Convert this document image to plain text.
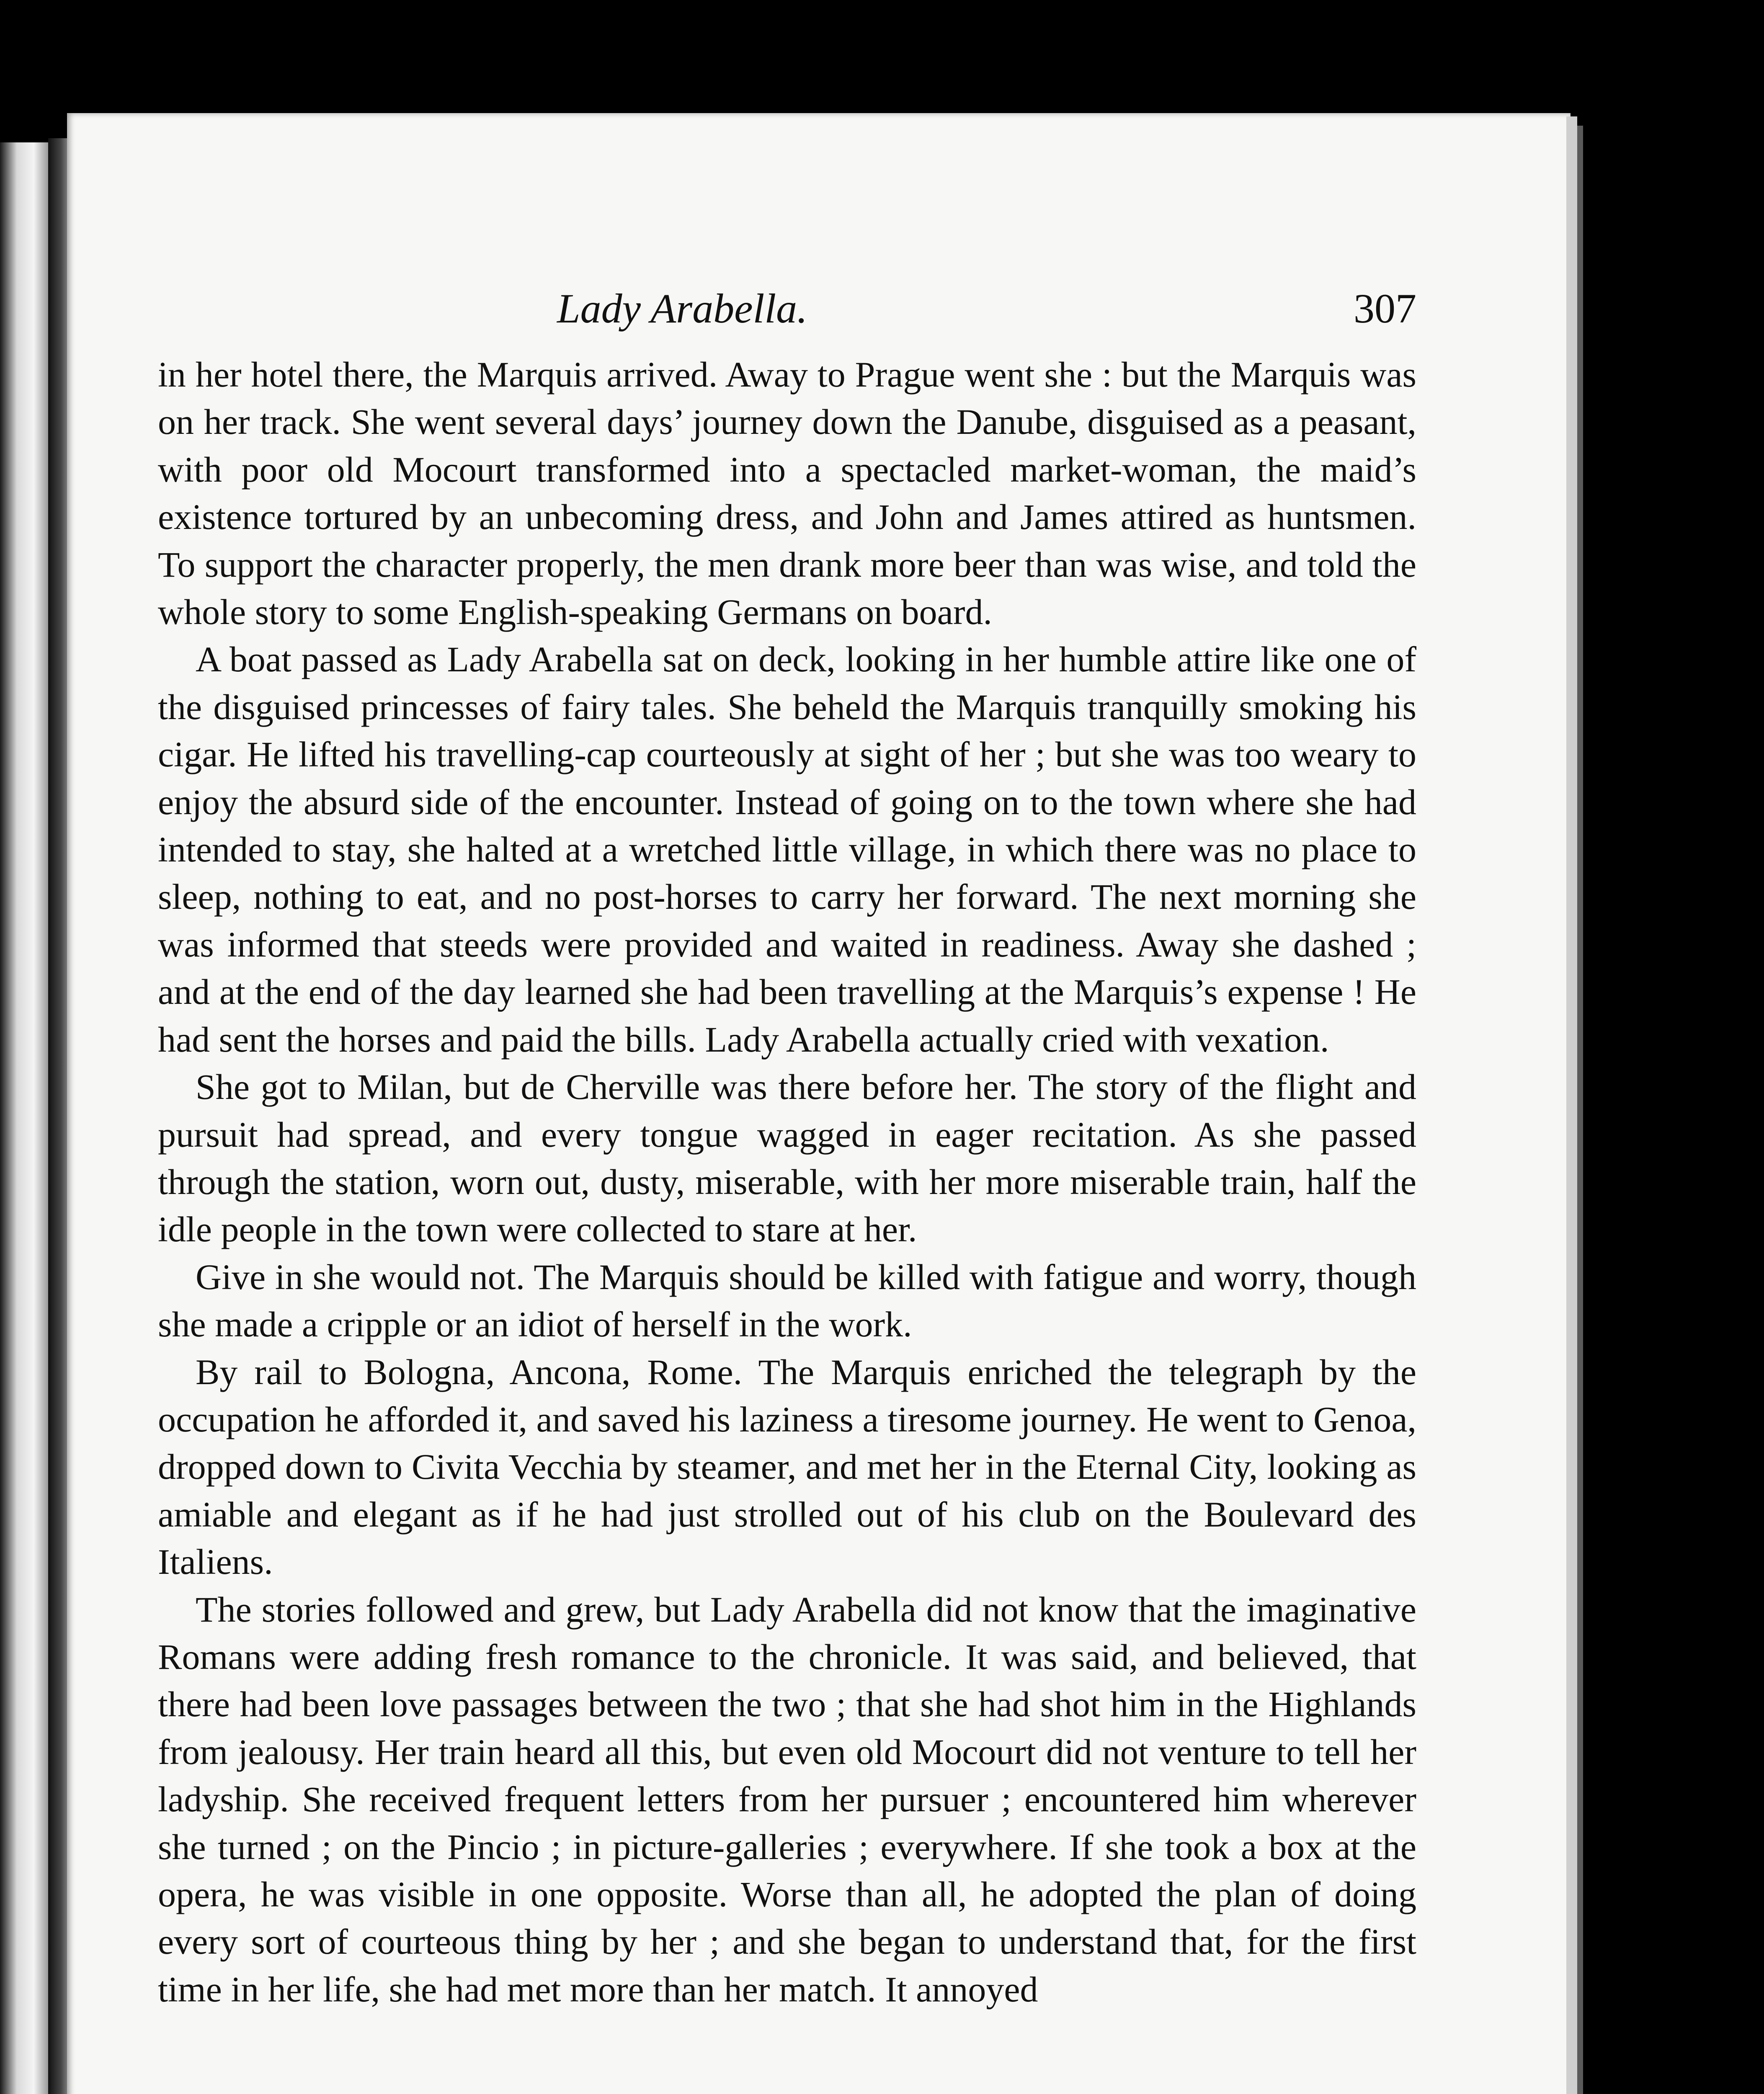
Lady Arabella.	307

in her hotel there, the Marquis arrived. Away to Prague went she : but the Marquis was on her track. She went several days’ journey down the Danube, disguised as a peasant, with poor old Mocourt transformed into a spectacled market-woman, the maid’s existence tortured by an unbecoming dress, and John and James attired as huntsmen. To support the character properly, the men drank more beer than was wise, and told the whole story to some English-speaking Germans on board.

A boat passed as Lady Arabella sat on deck, looking in her humble attire like one of the disguised princesses of fairy tales. She beheld the Marquis tranquilly smoking his cigar. He lifted his travelling-cap courteously at sight of her ; but she was too weary to enjoy the absurd side of the encounter. Instead of going on to the town where she had intended to stay, she halted at a wretched little village, in which there was no place to sleep, nothing to eat, and no post-horses to carry her forward. The next morning she was informed that steeds were provided and waited in readiness. Away she dashed ; and at the end of the day learned she had been travelling at the Marquis’s expense ! He had sent the horses and paid the bills. Lady Arabella actually cried with vexation.

She got to Milan, but de Cherville was there before her. The story of the flight and pursuit had spread, and every tongue wagged in eager recitation. As she passed through the station, worn out, dusty, miserable, with her more miserable train, half the idle people in the town were collected to stare at her.

Give in she would not. The Marquis should be killed with fatigue and worry, though she made a cripple or an idiot of herself in the work.

By rail to Bologna, Ancona, Rome. The Marquis enriched the telegraph by the occupation he afforded it, and saved his laziness a tiresome journey. He went to Genoa, dropped down to Civita Vecchia by steamer, and met her in the Eternal City, looking as amiable and elegant as if he had just strolled out of his club on the Boulevard des Italiens.

The stories followed and grew, but Lady Arabella did not know that the imaginative Romans were adding fresh romance to the chronicle. It was said, and believed, that there had been love passages between the two ; that she had shot him in the Highlands from jealousy. Her train heard all this, but even old Mocourt did not venture to tell her ladyship. She received frequent letters from her pursuer ; encountered him wherever she turned ; on the Pincio ; in picture-galleries ; everywhere. If she took a box at the opera, he was visible in one opposite. Worse than all, he adopted the plan of doing every sort of courteous thing by her ; and she began to understand that, for the first time in her life, she had met more than her match. It annoyed
